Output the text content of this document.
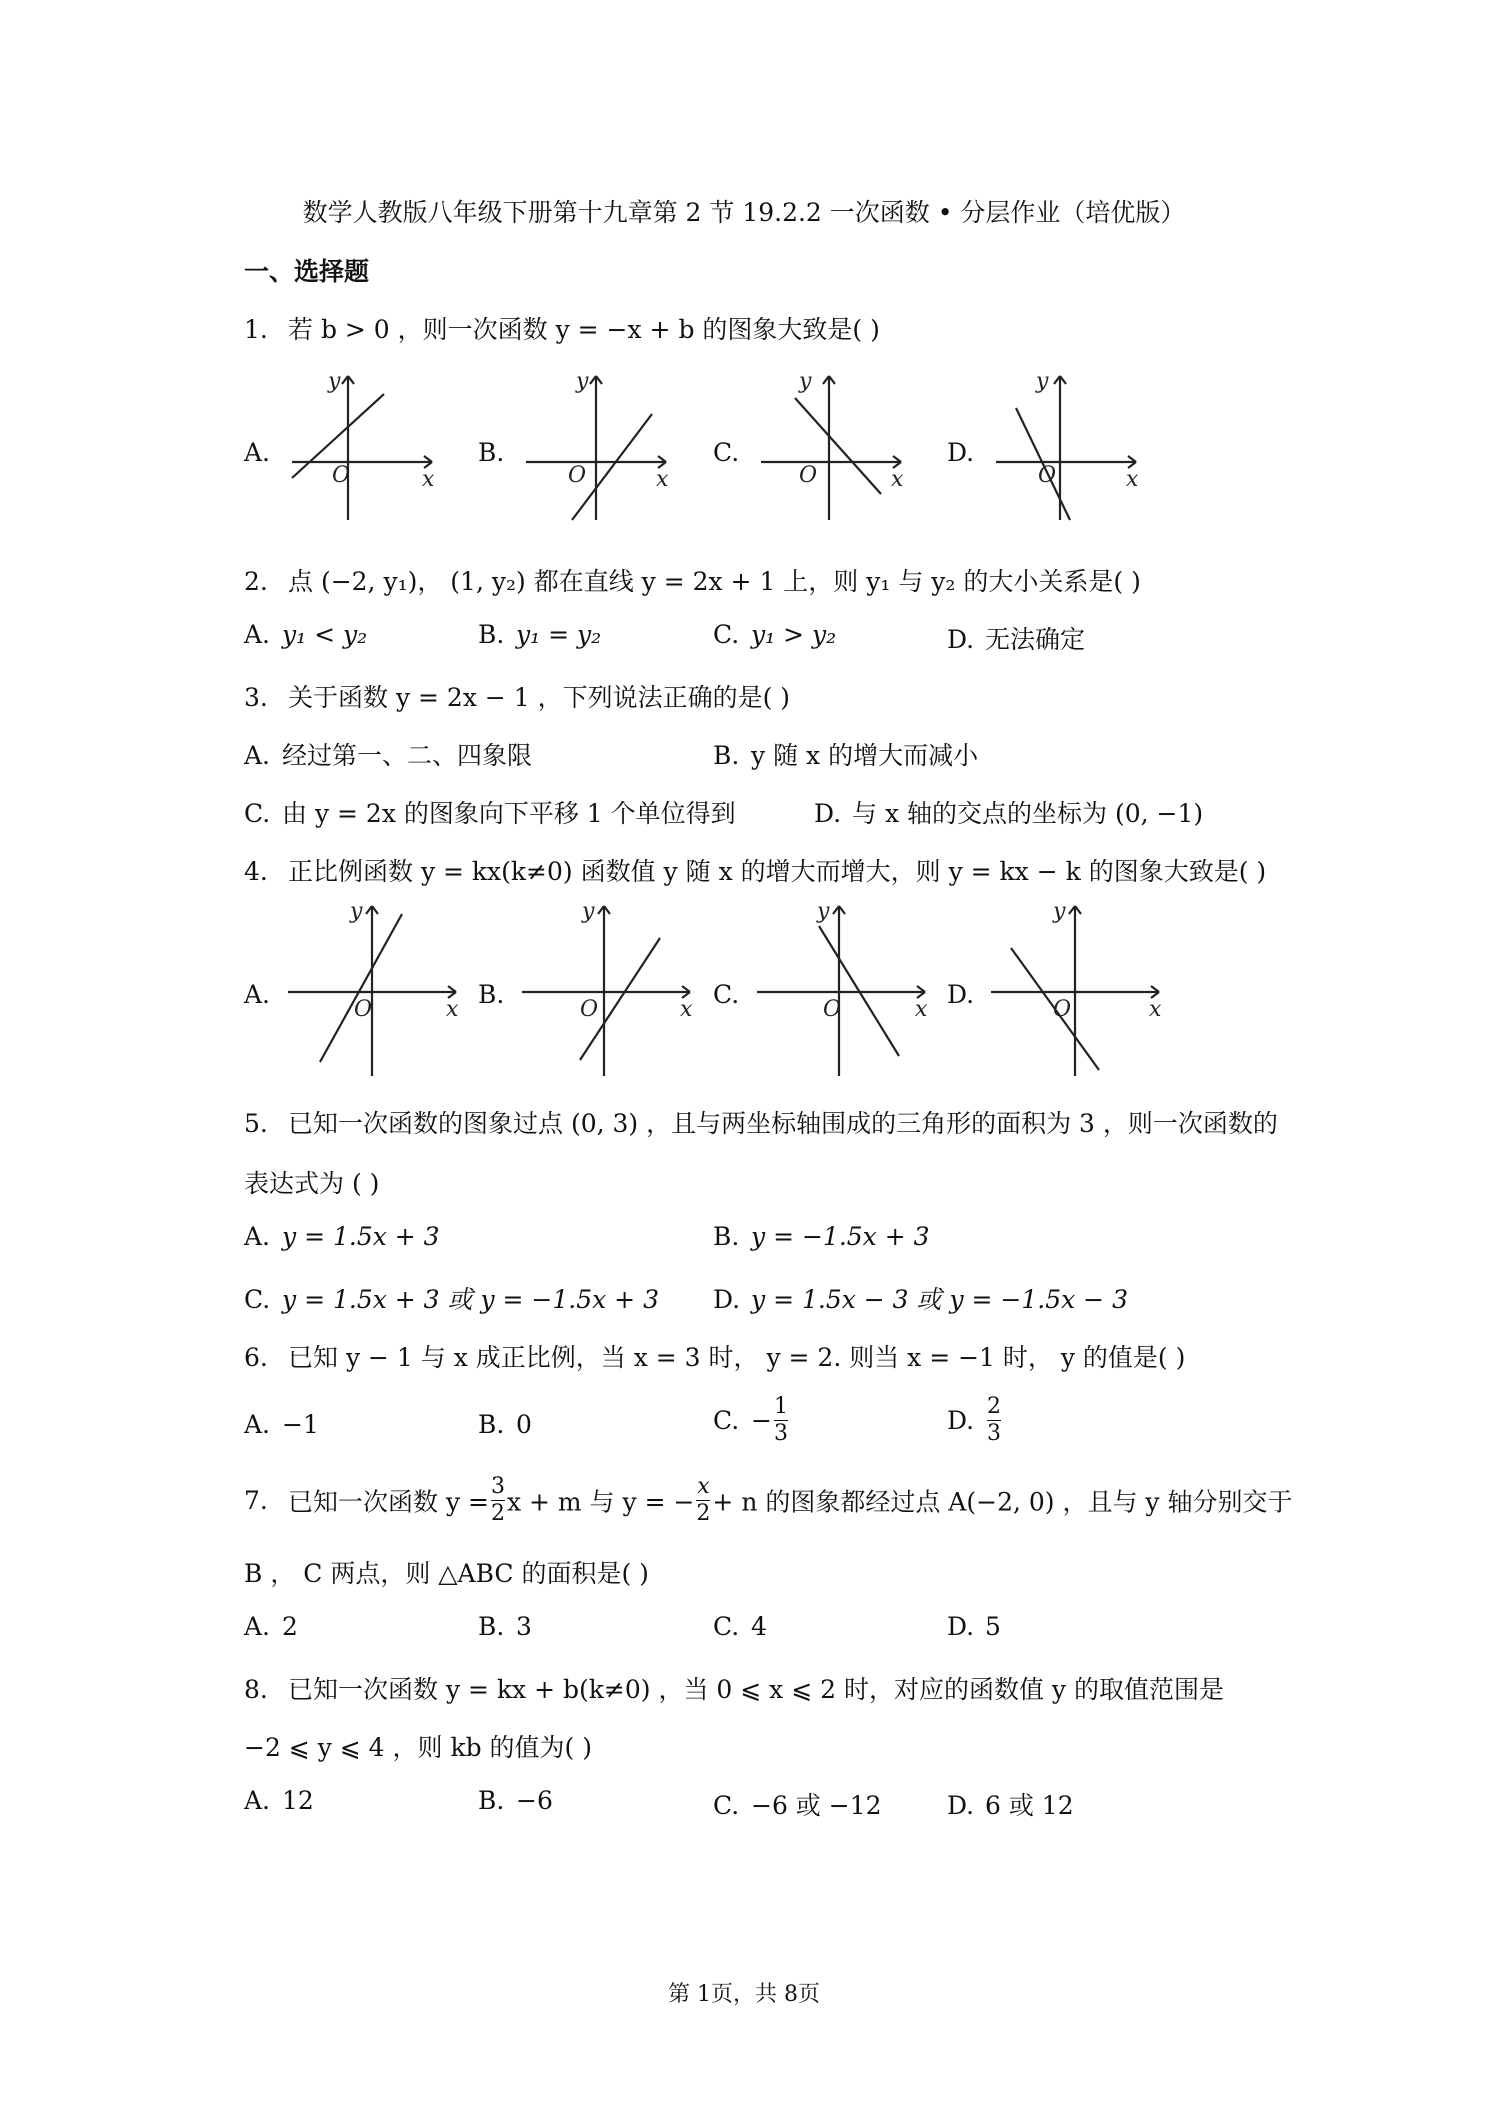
数学人教版八年级下册第十九章第 2 节 19.2.2 一次函数 • 分层作业（培优版）
一、选择题
1. 若 b > 0 ，则一次函数 y = −x + b 的图象大致是( )
A.	B.	C.	D.
y
x
O
y
x
O
y
x
O
y
x
O
2. 点 (−2, y₁)， (1, y₂) 都在直线 y = 2x + 1 上，则 y₁ 与 y₂ 的大小关系是( )
A. y₁ < y₂	B. y₁ = y₂	C. y₁ > y₂	D. 无法确定
3. 关于函数 y = 2x − 1 ，下列说法正确的是( )
A. 经过第一、二、四象限	B. y 随 x 的增大而减小
C. 由 y = 2x 的图象向下平移 1 个单位得到	D. 与 x 轴的交点的坐标为 (0, −1)
4. 正比例函数 y = kx(k≠0) 函数值 y 随 x 的增大而增大，则 y = kx − k 的图象大致是( )
A.	B.	C.	D.
y
x
O
y
x
O
y
x
O
y
x
O
5. 已知一次函数的图象过点 (0, 3) ，且与两坐标轴围成的三角形的面积为 3 ，则一次函数的
表达式为 ( )
A. y = 1.5x + 3	B. y = −1.5x + 3
C. y = 1.5x + 3 或 y = −1.5x + 3 D. y = 1.5x − 3 或 y = −1.5x − 3
6. 已知 y − 1 与 x 成正比例，当 x = 3 时， y = 2. 则当 x = −1 时， y 的值是( )
A. −1	B. 0	C. − $\frac{1}{3}$	D. $\frac{2}{3}$
7. 已知一次函数 $y = \frac{3}{2}$ x + m 与 y = − $\frac{x}{2} + n$ 的图象都经过点 A(−2, 0) ，且与 y 轴分别交于
B ， C 两点，则 △ABC 的面积是( )
A. 2	B. 3	C. 4	D. 5
8. 已知一次函数 y = kx + b(k≠0) ，当 0 ⩽ x ⩽ 2 时，对应的函数值 y 的取值范围是
−2 ⩽ y ⩽ 4 ，则 kb 的值为( )
A. 12	B. −6	C. −6 或 −12	D. 6 或 12
第 1页，共 8页
